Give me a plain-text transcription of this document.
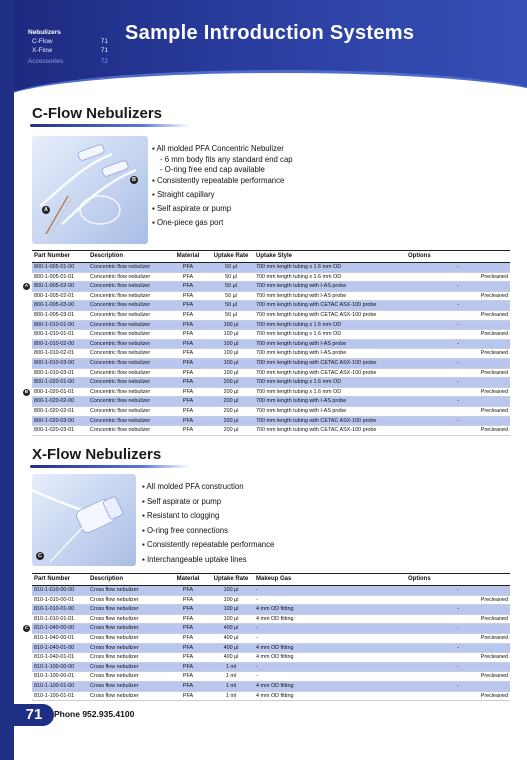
Nebulizers
C-Flow	71
X-Flow	71
Accessories	72
Sample Introduction Systems
C-Flow Nebulizers
A
B
▪ All molded PFA Concentric Nebulizer
- 6 mm body fits any standard end cap
- O-ring free end cap available
▪ Consistently repeatable performance
▪ Straight capillary
▪ Self aspirate or pump
▪ One-piece gas port
Part Number	Description	Material	Uptake Rate	Uptake Style	Options
800-1-005-01-00	Concentric flow nebulizer	PFA	50 µl	700 mm length tubing x 1.6 mm OD	-
800-1-005-01-01	Concentric flow nebulizer	PFA	50 µl	700 mm length tubing x 1.6 mm OD	Precleaned
800-1-005-02-00	Concentric flow nebulizer	PFA	50 µl	700 mm length tubing with I-AS probe	-
800-1-005-02-01	Concentric flow nebulizer	PFA	50 µl	700 mm length tubing with I-AS probe	Precleaned
800-1-005-03-00	Concentric flow nebulizer	PFA	50 µl	700 mm length tubing with CETAC ASX-100 probe	-
800-1-005-03-01	Concentric flow nebulizer	PFA	50 µl	700 mm length tubing with CETAC ASX-100 probe	Precleaned
800-1-010-01-00	Concentric flow nebulizer	PFA	100 µl	700 mm length tubing x 1.6 mm OD	-
800-1-010-01-01	Concentric flow nebulizer	PFA	100 µl	700 mm length tubing x 1.6 mm OD	Precleaned
800-1-010-02-00	Concentric flow nebulizer	PFA	100 µl	700 mm length tubing with I-AS probe	-
800-1-010-02-01	Concentric flow nebulizer	PFA	100 µl	700 mm length tubing with I-AS probe	Precleaned
800-1-010-03-00	Concentric flow nebulizer	PFA	100 µl	700 mm length tubing with CETAC ASX-100 probe	-
800-1-010-03-01	Concentric flow nebulizer	PFA	100 µl	700 mm length tubing with CETAC ASX-100 probe	Precleaned
800-1-020-01-00	Concentric flow nebulizer	PFA	200 µl	700 mm length tubing x 1.6 mm OD	-
800-1-020-01-01	Concentric flow nebulizer	PFA	200 µl	700 mm length tubing x 1.6 mm OD	Precleaned
800-1-020-02-00	Concentric flow nebulizer	PFA	200 µl	700 mm length tubing with I-AS probe	-
800-1-020-02-01	Concentric flow nebulizer	PFA	200 µl	700 mm length tubing with I-AS probe	Precleaned
800-1-020-03-00	Concentric flow nebulizer	PFA	200 µl	700 mm length tubing with CETAC ASX-100 probe	-
800-1-020-03-01	Concentric flow nebulizer	PFA	200 µl	700 mm length tubing with CETAC ASX-100 probe	Precleaned
X-Flow Nebulizers
C
▪ All molded PFA construction
▪ Self aspirate or pump
▪ Resistant to clogging
▪ O-ring free connections
▪ Consistently repeatable performance
▪ Interchangeable uptake lines
Part Number	Description	Material	Uptake Rate	Makeup Gas	Options
810-1-010-00-00	Cross flow nebulizer	PFA	100 µl	-	-
810-1-010-00-01	Cross flow nebulizer	PFA	100 µl	-	Precleaned
810-1-010-01-00	Cross flow nebulizer	PFA	100 µl	4 mm OD fitting	-
810-1-010-01-01	Cross flow nebulizer	PFA	100 µl	4 mm OD fitting	Precleaned
810-1-040-00-00	Cross flow nebulizer	PFA	400 µl	-	-
810-1-040-00-01	Cross flow nebulizer	PFA	400 µl	-	Precleaned
810-1-040-01-00	Cross flow nebulizer	PFA	400 µl	4 mm OD fitting	-
810-1-040-01-01	Cross flow nebulizer	PFA	400 µl	4 mm OD fitting	Precleaned
810-1-100-00-00	Cross flow nebulizer	PFA	1 ml	-	-
810-1-100-00-01	Cross flow nebulizer	PFA	1 ml	-	Precleaned
810-1-100-01-00	Cross flow nebulizer	PFA	1 ml	4 mm OD fitting	-
810-1-100-01-01	Cross flow nebulizer	PFA	1 ml	4 mm OD fitting	Precleaned
71	Phone 952.935.4100
A
B
C
